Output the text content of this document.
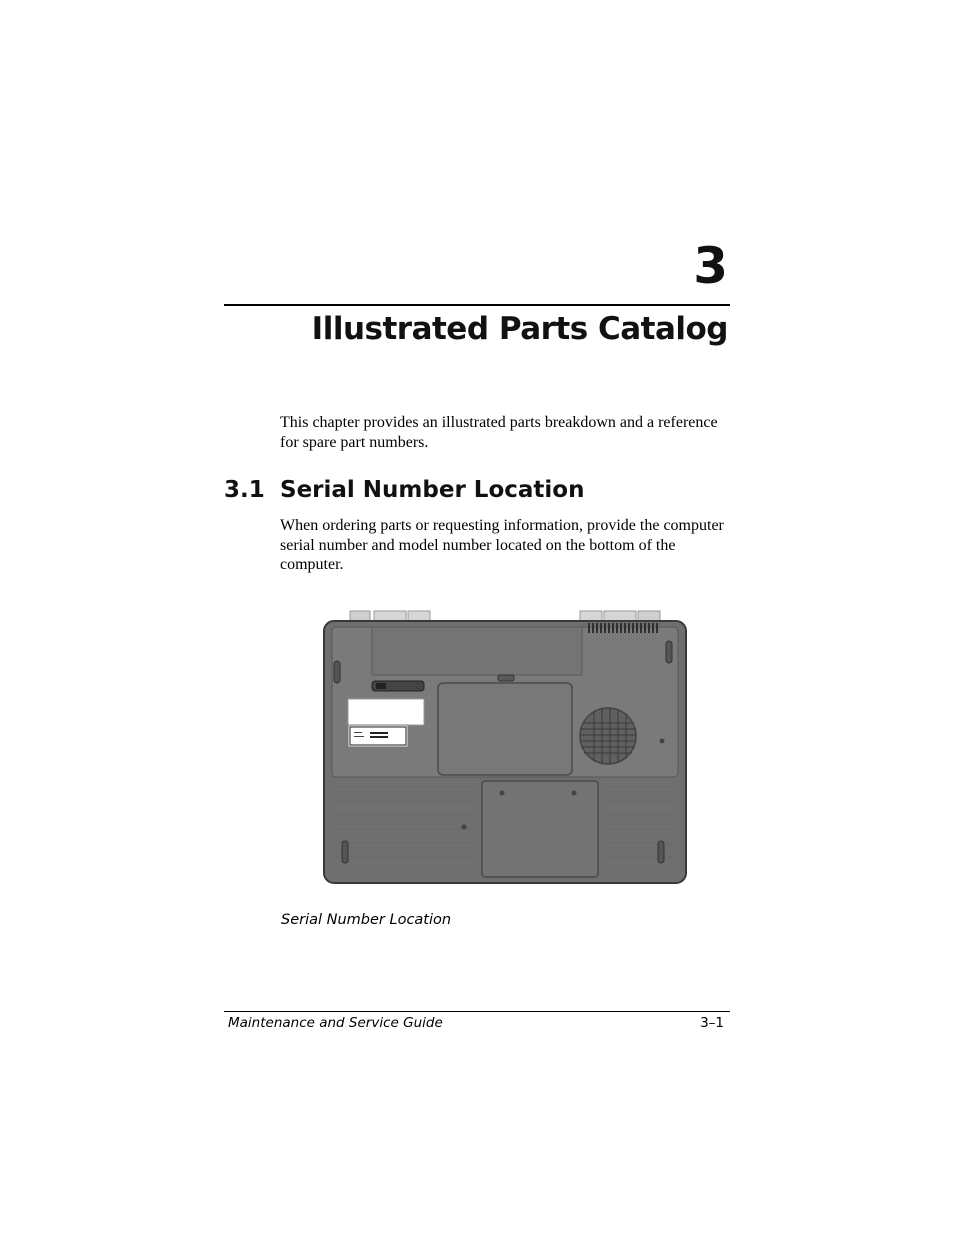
3
Illustrated Parts Catalog

This chapter provides an illustrated parts breakdown and a reference for spare part numbers.

3.1 Serial Number Location

When ordering parts or requesting information, provide the computer serial number and model number located on the bottom of the computer.

Serial Number Location
Maintenance and Service Guide	3–1
